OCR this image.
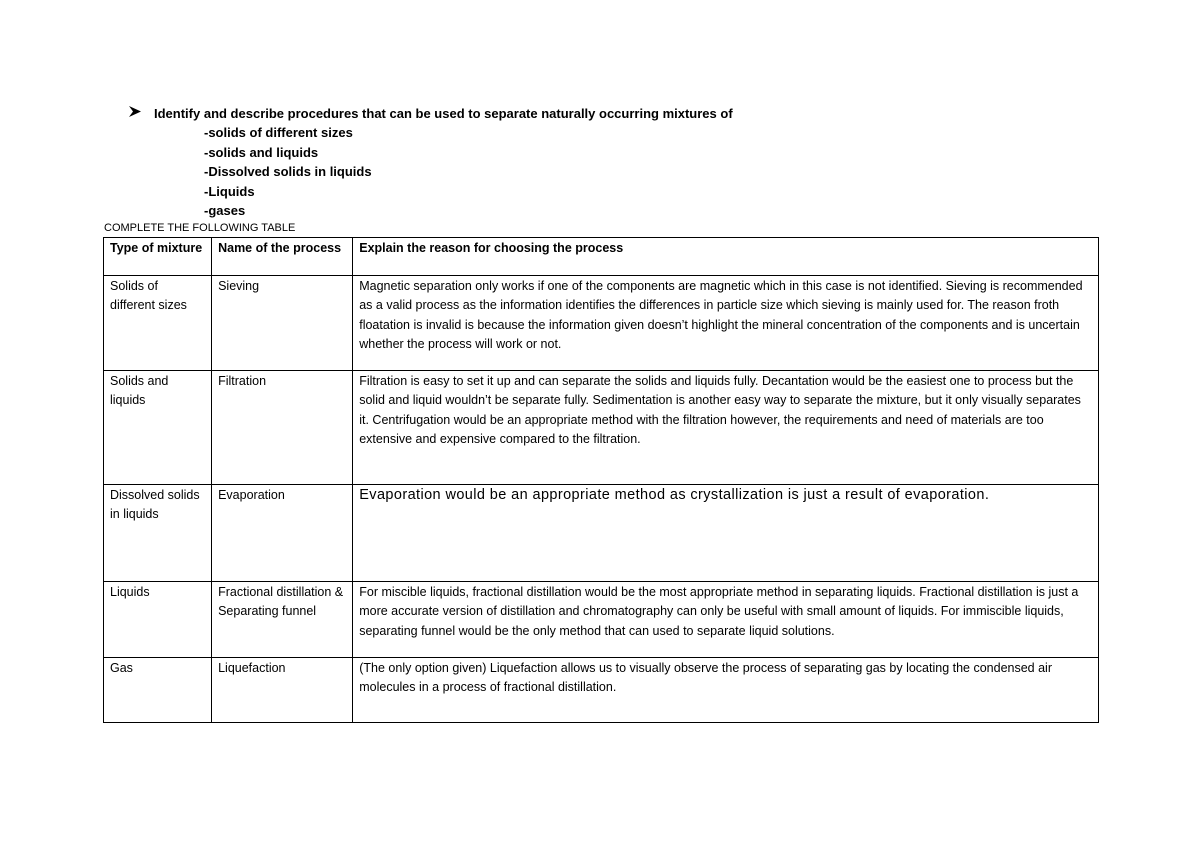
Identify and describe procedures that can be used to separate naturally occurring mixtures of
-solids of different sizes
-solids and liquids
-Dissolved solids in liquids
-Liquids
-gases
COMPLETE THE FOLLOWING TABLE
Type of mixture	Name of the process	Explain the reason for choosing the process
Solids of different sizes	Sieving	Magnetic separation only works if one of the components are magnetic which in this case is not identified. Sieving is recommended as a valid process as the information identifies the differences in particle size which sieving is mainly used for. The reason froth floatation is invalid is because the information given doesn’t highlight the mineral concentration of the components and is uncertain whether the process will work or not.
Solids and liquids	Filtration	Filtration is easy to set it up and can separate the solids and liquids fully. Decantation would be the easiest one to process but the solid and liquid wouldn’t be separate fully. Sedimentation is another easy way to separate the mixture, but it only visually separates it. Centrifugation would be an appropriate method with the filtration however, the requirements and need of materials are too extensive and expensive compared to the filtration.
Dissolved solids in liquids	Evaporation	Evaporation would be an appropriate method as crystallization is just a result of evaporation.
Liquids	Fractional distillation & Separating funnel	For miscible liquids, fractional distillation would be the most appropriate method in separating liquids. Fractional distillation is just a more accurate version of distillation and chromatography can only be useful with small amount of liquids. For immiscible liquids, separating funnel would be the only method that can used to separate liquid solutions.
Gas	Liquefaction	(The only option given) Liquefaction allows us to visually observe the process of separating gas by locating the condensed air molecules in a process of fractional distillation.
